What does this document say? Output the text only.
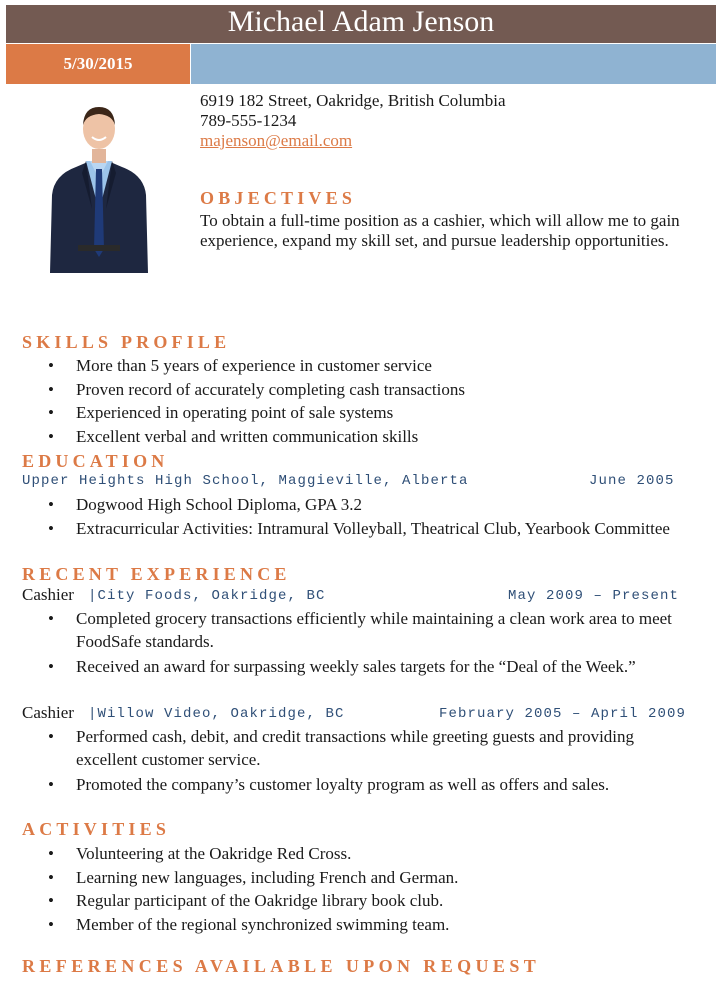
Michael Adam Jenson
5/30/2015
6919 182 Street, Oakridge, British Columbia
789-555-1234
majenson@email.com
OBJECTIVES
To obtain a full-time position as a cashier, which will allow me to gain experience, expand my skill set, and pursue leadership opportunities.
SKILLS PROFILE
• More than 5 years of experience in customer service
• Proven record of accurately completing cash transactions
• Experienced in operating point of sale systems
• Excellent verbal and written communication skills
EDUCATION
Upper Heights High School, Maggieville, Alberta	June 2005
• Dogwood High School Diploma, GPA 3.2
• Extracurricular Activities: Intramural Volleyball, Theatrical Club, Yearbook Committee
RECENT EXPERIENCE
Cashier |City Foods, Oakridge, BC	May 2009 – Present
• Completed grocery transactions efficiently while maintaining a clean work area to meet FoodSafe standards.
• Received an award for surpassing weekly sales targets for the “Deal of the Week.”
Cashier |Willow Video, Oakridge, BC	February 2005 – April 2009
• Performed cash, debit, and credit transactions while greeting guests and providing excellent customer service.
• Promoted the company’s customer loyalty program as well as offers and sales.
ACTIVITIES
• Volunteering at the Oakridge Red Cross.
• Learning new languages, including French and German.
• Regular participant of the Oakridge library book club.
• Member of the regional synchronized swimming team.
REFERENCES AVAILABLE UPON REQUEST
